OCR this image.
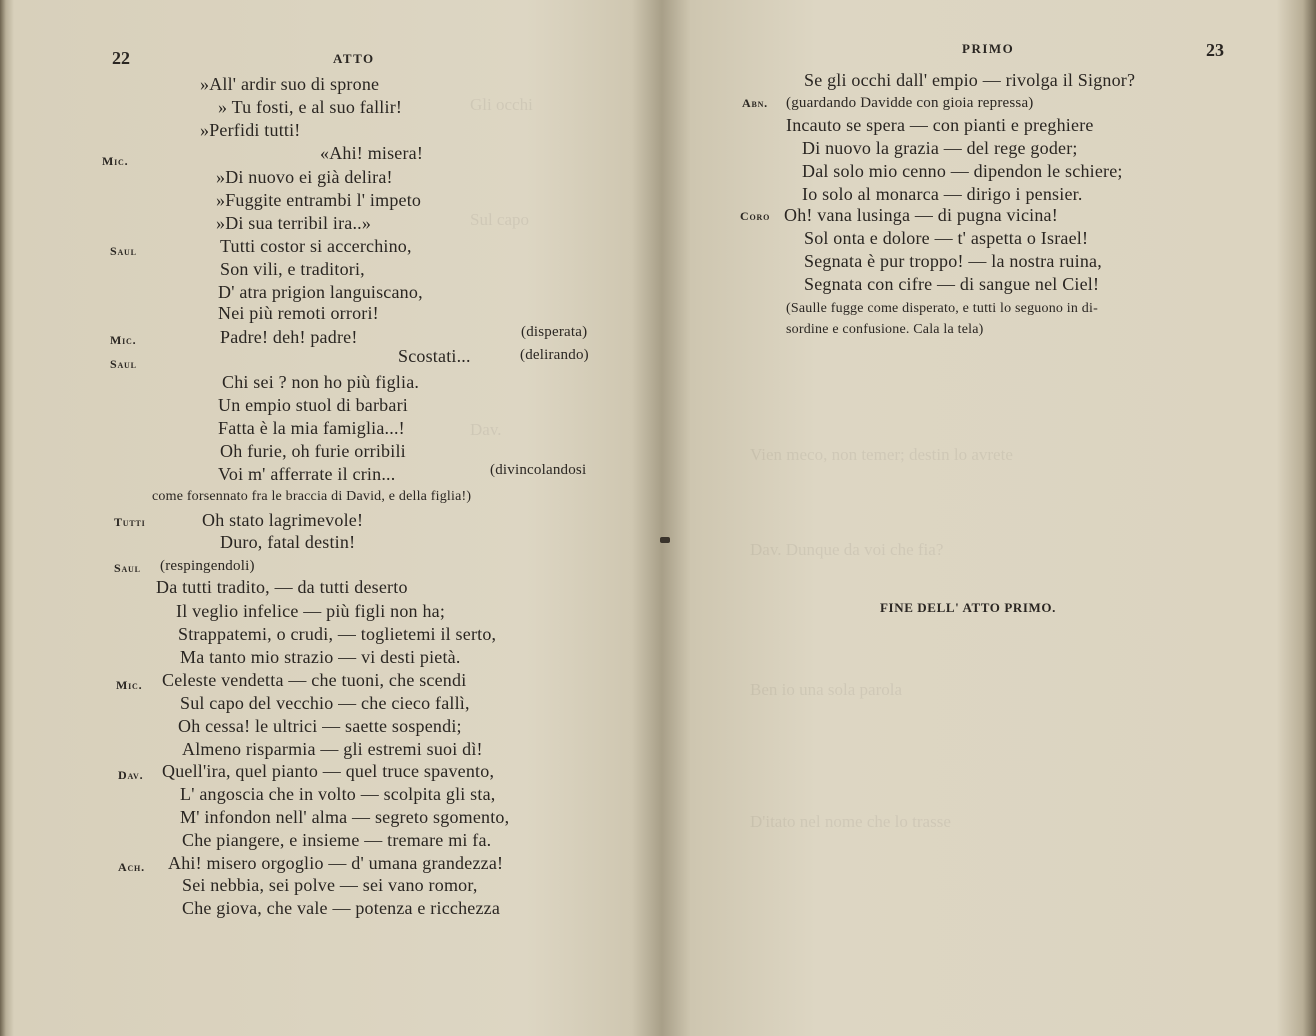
22	ATTO
Gli occhi
Sul capo
Dav.
»All' ardir suo di sprone
» Tu fosti, e al suo fallir!
»Perfidi tutti!
Mic.	«Ahi! misera!
»Di nuovo ei già delira!
»Fuggite entrambi l' impeto
»Di sua terribil ira..»
Saul	Tutti costor si accerchino,
Son vili, e traditori,
D' atra prigion languiscano,
Nei più remoti orrori!
Mic.	Padre! deh! padre!	(disperata)
Saul	Scostati...	(delirando)
Chi sei ? non ho più figlia.
Un empio stuol di barbari
Fatta è la mia famiglia...!
Oh furie, oh furie orribili
Voi m' afferrate il crin...	(divincolandosi
come forsennato fra le braccia di David, e della figlia!)
Tutti	Oh stato lagrimevole!
Duro, fatal destin!
Saul (respingendoli)
Da tutti tradito, — da tutti deserto
Il veglio infelice — più figli non ha;
Strappatemi, o crudi, — toglietemi il serto,
Ma tanto mio strazio — vi desti pietà.
Mic. Celeste vendetta — che tuoni, che scendi
Sul capo del vecchio — che cieco fallì,
Oh cessa! le ultrici — saette sospendi;
Almeno risparmia — gli estremi suoi dì!
Dav. Quell'ira, quel pianto — quel truce spavento,
L' angoscia che in volto — scolpita gli sta,
M' infondon nell' alma — segreto sgomento,
Che piangere, e insieme — tremare mi fa.
Ach. Ahi! misero orgoglio — d' umana grandezza!
Sei nebbia, sei polve — sei vano romor,
Che giova, che vale — potenza e ricchezza
PRIMO	23
Vien meco, non temer; destin lo avrete
Dav. Dunque da voi che fia?
Ben io una sola parola
D'itato nel nome che lo trasse
Se gli occhi dall' empio — rivolga il Signor?
Abn. (guardando Davidde con gioia repressa)
Incauto se spera — con pianti e preghiere
Di nuovo la grazia — del rege goder;
Dal solo mio cenno — dipendon le schiere;
Io solo al monarca — dirigo i pensier.
Coro Oh! vana lusinga — di pugna vicina!
Sol onta e dolore — t' aspetta o Israel!
Segnata è pur troppo! — la nostra ruina,
Segnata con cifre — di sangue nel Ciel!
(Saulle fugge come disperato, e tutti lo seguono in di-
sordine e confusione. Cala la tela)
FINE DELL' ATTO PRIMO.
